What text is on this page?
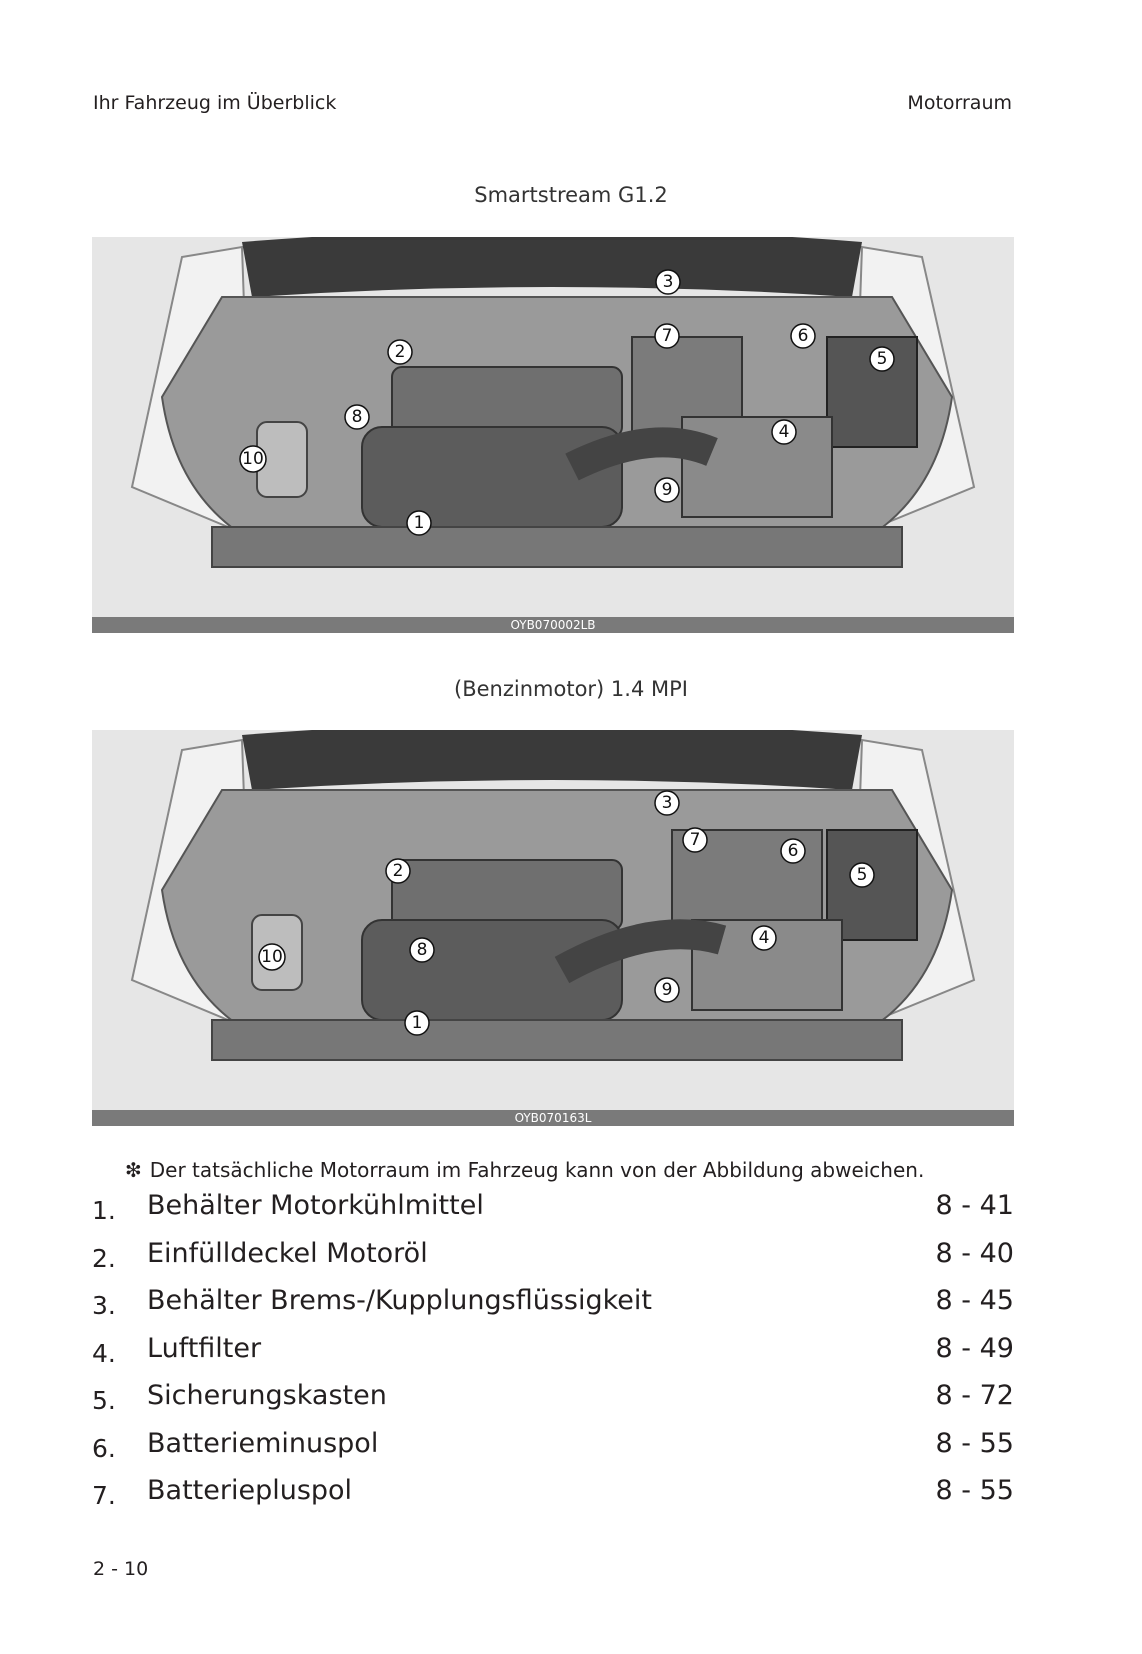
Ihr Fahrzeug im Überblick	Motorraum
Smartstream G1.2
1
2
3
4
5
6
7
8
9
10
OYB070002LB
(Benzinmotor) 1.4 MPI
1
2
3
4
5
6
7
8
9
10
OYB070163L
❇ Der tatsächliche Motorraum im Fahrzeug kann von der Abbildung abweichen.
1. Behälter Motorkühlmittel	8 - 41
2. Einfülldeckel Motoröl	8 - 40
3. Behälter Brems-/Kupplungsflüssigkeit	8 - 45
4. Luftfilter	8 - 49
5. Sicherungskasten	8 - 72
6. Batterieminuspol	8 - 55
7. Batteriepluspol	8 - 55
2 - 10
